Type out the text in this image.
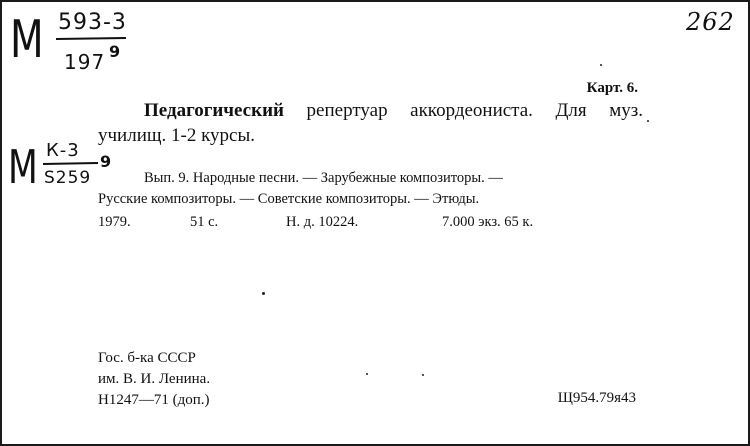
М 593-3
197 9
М К-3
S259
9
262
Карт. 6.
Педагогический репертуар аккордеониста. Для муз. училищ. 1-2 курсы.
Вып. 9. Народные песни. — Зарубежные композиторы. —
Русские композиторы. — Советские композиторы. — Этюды.
1979.	51 с.	Н. д. 10224.	7.000 экз. 65 к.
Гос. б-ка СССР
им. В. И. Ленина.
Н1247—71 (доп.)	Щ954.79я43
